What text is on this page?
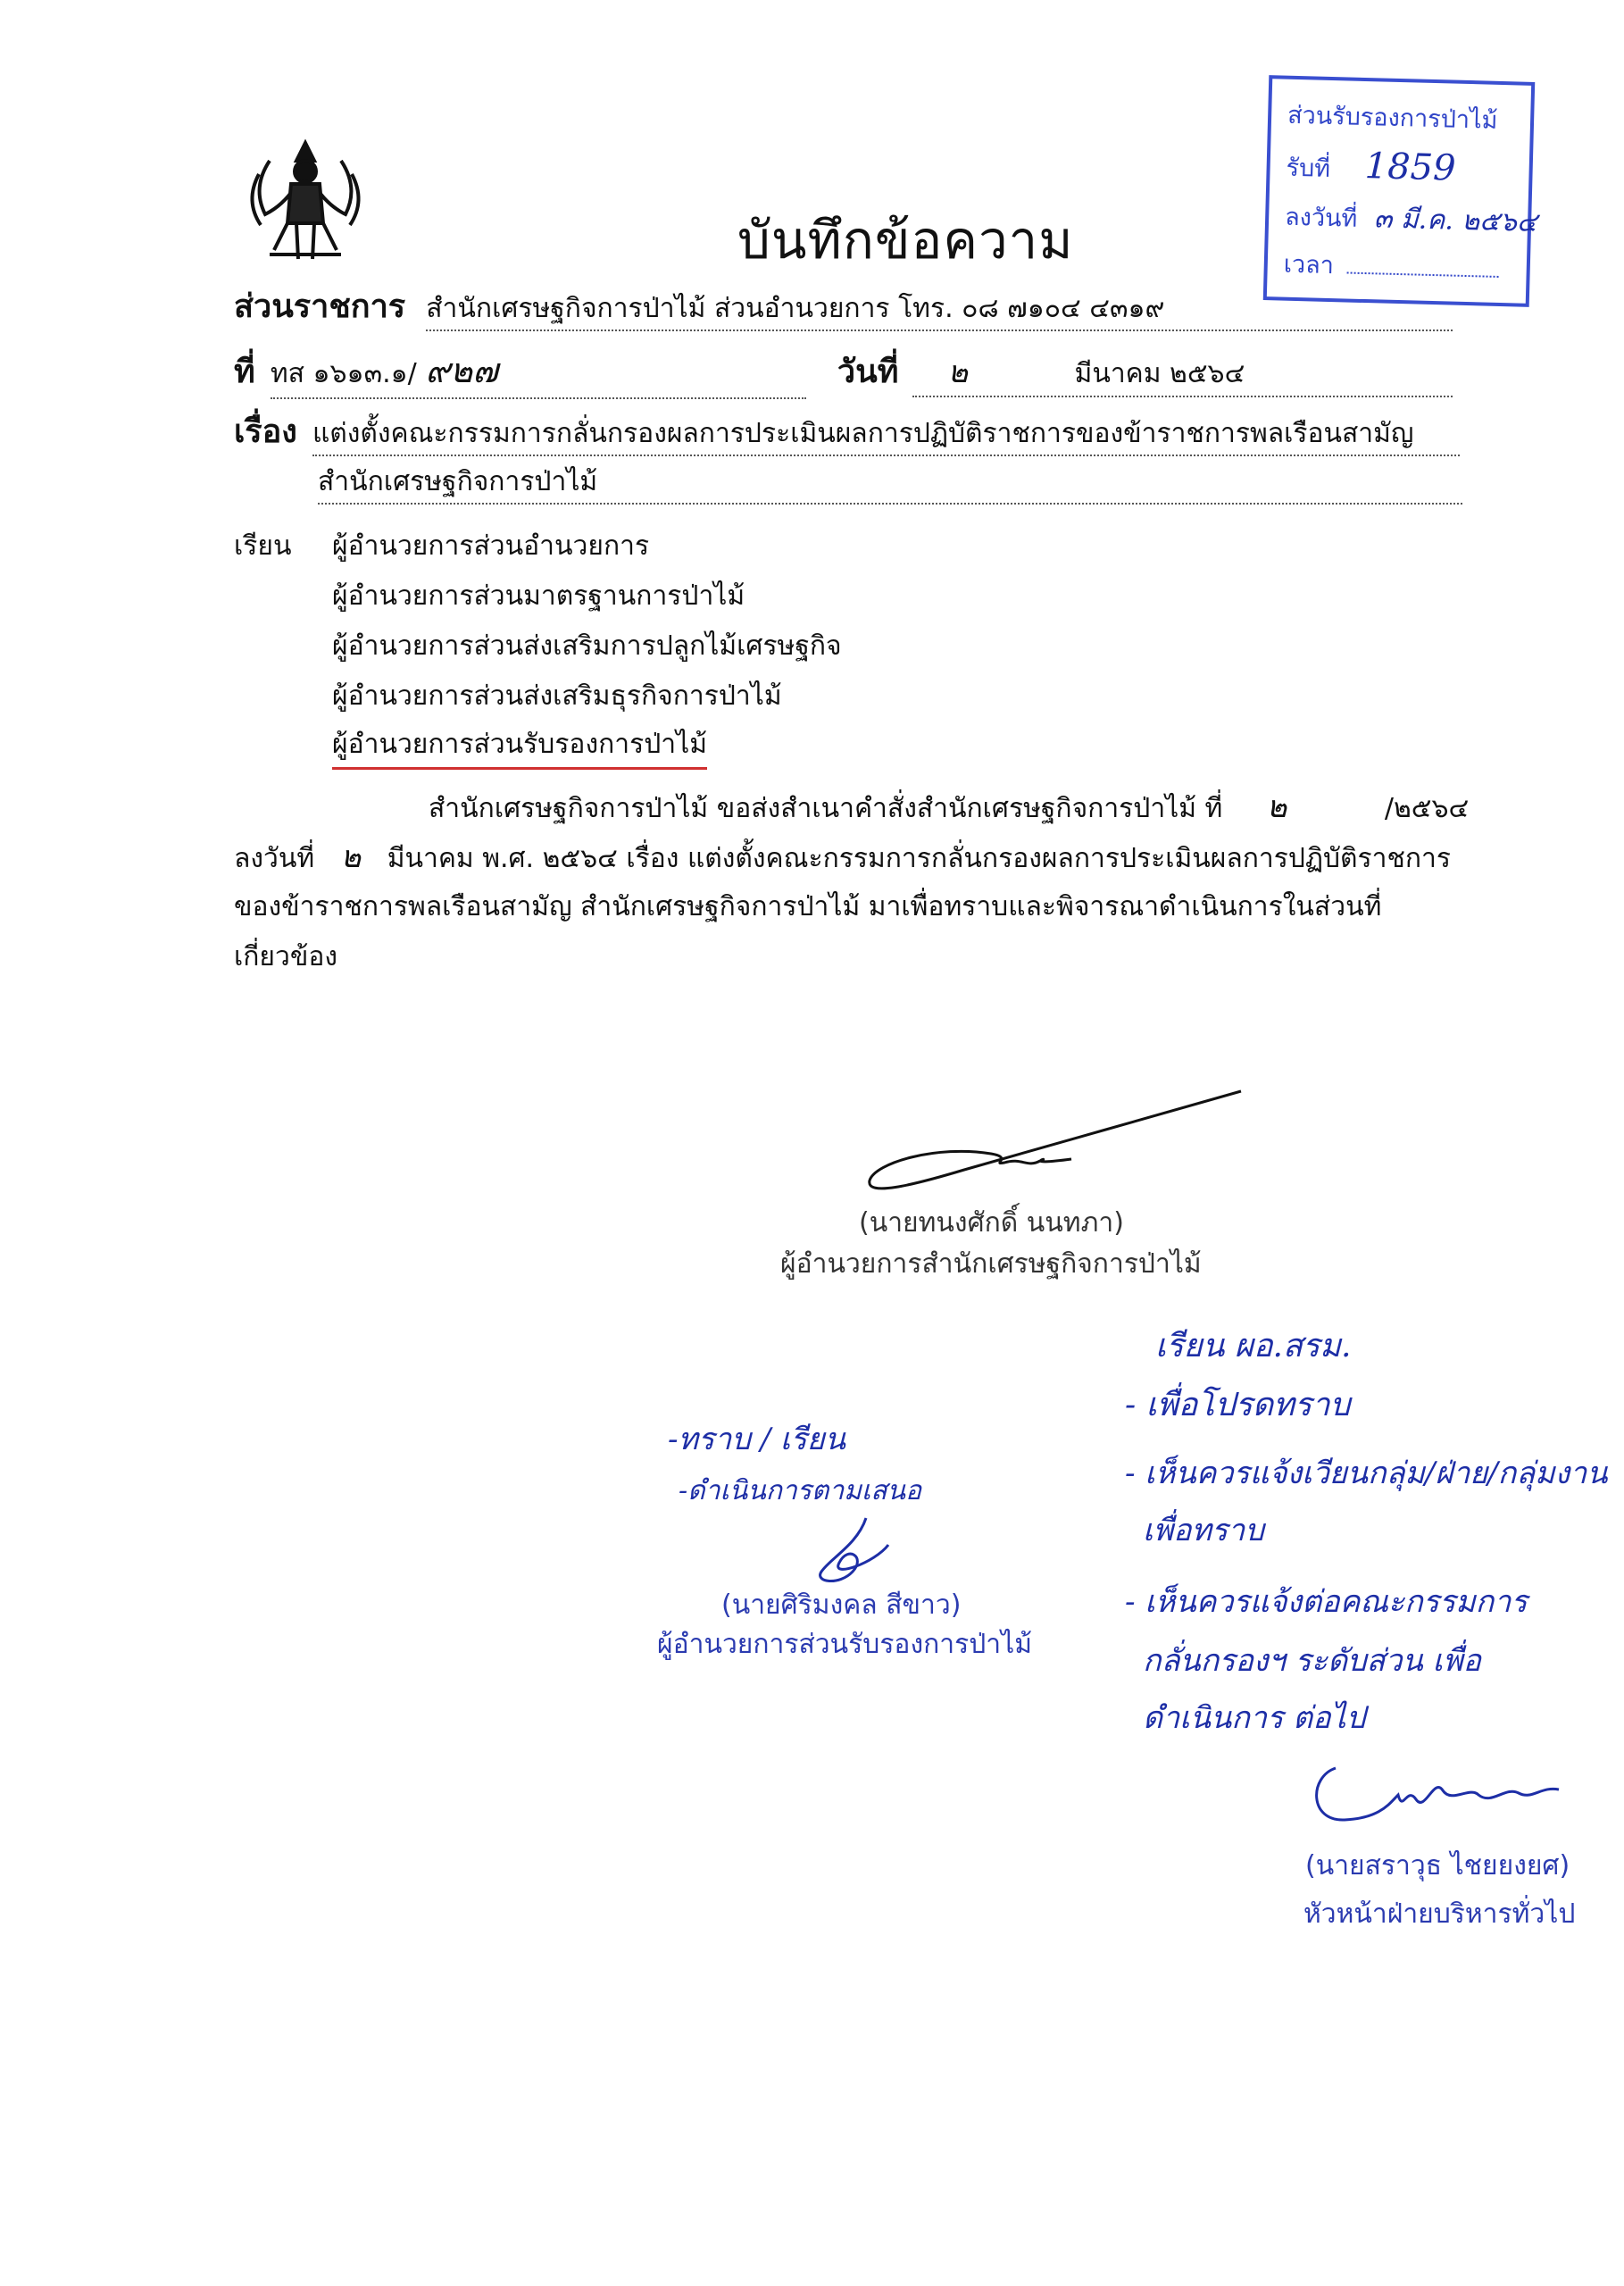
บันทึกข้อความ
ส่วนรับรองการป่าไม้
รับที่ 1859
ลงวันที่ ๓ มี.ค. ๒๕๖๔
เวลา
ส่วนราชการ สำนักเศรษฐกิจการป่าไม้ ส่วนอำนวยการ โทร. ๐๘ ๗๑๐๔ ๔๓๑๙
ที่ ทส ๑๖๑๓.๑/ ๙๒๗	วันที่ ๒	มีนาคม ๒๕๖๔
เรื่อง แต่งตั้งคณะกรรมการกลั่นกรองผลการประเมินผลการปฏิบัติราชการของข้าราชการพลเรือนสามัญ
สำนักเศรษฐกิจการป่าไม้
เรียน ผู้อำนวยการส่วนอำนวยการ
ผู้อำนวยการส่วนมาตรฐานการป่าไม้
ผู้อำนวยการส่วนส่งเสริมการปลูกไม้เศรษฐกิจ
ผู้อำนวยการส่วนส่งเสริมธุรกิจการป่าไม้
ผู้อำนวยการส่วนรับรองการป่าไม้
สำนักเศรษฐกิจการป่าไม้ ขอส่งสำเนาคำสั่งสำนักเศรษฐกิจการป่าไม้ ที่ ๒	/๒๕๖๔
ลงวันที่ ๒ มีนาคม พ.ศ. ๒๕๖๔ เรื่อง แต่งตั้งคณะกรรมการกลั่นกรองผลการประเมินผลการปฏิบัติราชการ
ของข้าราชการพลเรือนสามัญ สำนักเศรษฐกิจการป่าไม้ มาเพื่อทราบและพิจารณาดำเนินการในส่วนที่
เกี่ยวข้อง
(นายทนงศักดิ์ นนทภา)
ผู้อำนวยการสำนักเศรษฐกิจการป่าไม้
-ทราบ / เรียน
-ดำเนินการตามเสนอ
(นายศิริมงคล สีขาว)
ผู้อำนวยการส่วนรับรองการป่าไม้
เรียน ผอ.สรม.
- เพื่อโปรดทราบ
- เห็นควรแจ้งเวียนกลุ่ม/ฝ่าย/กลุ่มงาน
เพื่อทราบ
- เห็นควรแจ้งต่อคณะกรรมการ
กลั่นกรองฯ ระดับส่วน เพื่อ
ดำเนินการ ต่อไป
(นายสราวุธ ไชยยงยศ)
หัวหน้าฝ่ายบริหารทั่วไป
